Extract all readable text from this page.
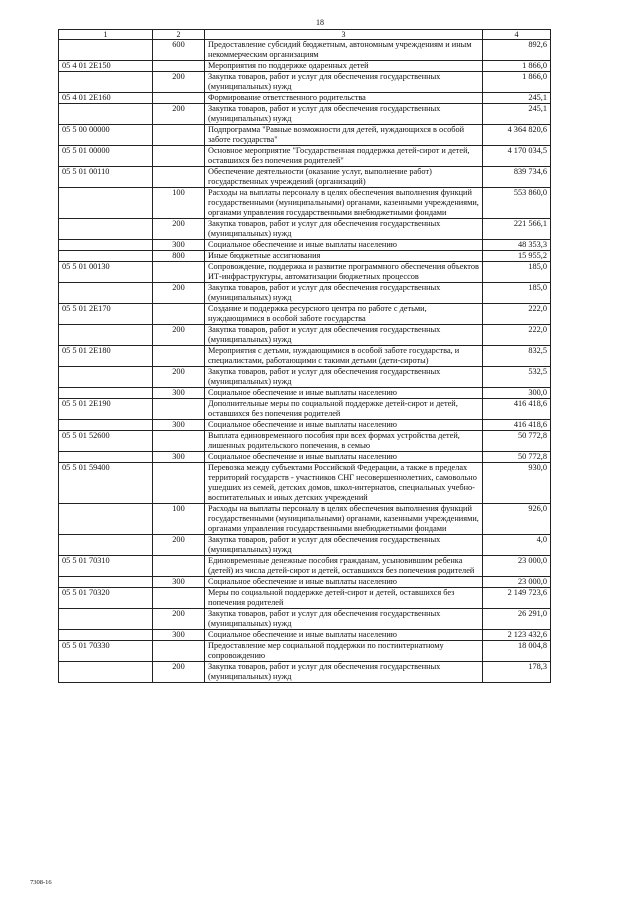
18
1	2	3	4
	600	Предоставление субсидий бюджетным, автономным учреждениям и иным некоммерческим организациям	892,6
05 4 01 2Е150		Мероприятия по поддержке одаренных детей	1 866,0
	200	Закупка товаров, работ и услуг для обеспечения государственных (муниципальных) нужд	1 866,0
05 4 01 2Е160		Формирование ответственного родительства	245,1
	200	Закупка товаров, работ и услуг для обеспечения государственных (муниципальных) нужд	245,1
05 5 00 00000		Подпрограмма "Равные возможности для детей, нуждающихся в особой заботе государства"	4 364 820,6
05 5 01 00000		Основное мероприятие "Государственная поддержка детей-сирот и детей, оставшихся без попечения родителей"	4 170 034,5
05 5 01 00110		Обеспечение деятельности (оказание услуг, выполнение работ) государственных учреждений (организаций)	839 734,6
	100	Расходы на выплаты персоналу в целях обеспечения выполнения функций государственными (муниципальными) органами, казенными учреждениями, органами управления государственными внебюджетными фондами	553 860,0
	200	Закупка товаров, работ и услуг для обеспечения государственных (муниципальных) нужд	221 566,1
	300	Социальное обеспечение и иные выплаты населению	48 353,3
	800	Иные бюджетные ассигнования	15 955,2
05 5 01 00130		Сопровождение, поддержка и развитие программного обеспечения объектов ИТ-инфраструктуры, автоматизации бюджетных процессов	185,0
	200	Закупка товаров, работ и услуг для обеспечения государственных (муниципальных) нужд	185,0
05 5 01 2Е170		Создание и поддержка ресурсного центра по работе с детьми, нуждающимися в особой заботе государства	222,0
	200	Закупка товаров, работ и услуг для обеспечения государственных (муниципальных) нужд	222,0
05 5 01 2Е180		Мероприятия с детьми, нуждающимися в особой заботе государства, и специалистами, работающими с такими детьми (дети-сироты)	832,5
	200	Закупка товаров, работ и услуг для обеспечения государственных (муниципальных) нужд	532,5
	300	Социальное обеспечение и иные выплаты населению	300,0
05 5 01 2Е190		Дополнительные меры по социальной поддержке детей-сирот и детей, оставшихся без попечения родителей	416 418,6
	300	Социальное обеспечение и иные выплаты населению	416 418,6
05 5 01 52600		Выплата единовременного пособия при всех формах устройства детей, лишенных родительского попечения, в семью	50 772,8
	300	Социальное обеспечение и иные выплаты населению	50 772,8
05 5 01 59400		Перевозка между субъектами Российской Федерации, а также в пределах территорий государств - участников СНГ несовершеннолетних, самовольно ушедших из семей, детских домов, школ-интернатов, специальных учебно-воспитательных и иных детских учреждений	930,0
	100	Расходы на выплаты персоналу в целях обеспечения выполнения функций государственными (муниципальными) органами, казенными учреждениями, органами управления государственными внебюджетными фондами	926,0
	200	Закупка товаров, работ и услуг для обеспечения государственных (муниципальных) нужд	4,0
05 5 01 70310		Единовременные денежные пособия гражданам, усыновившим ребенка (детей) из числа детей-сирот и детей, оставшихся без попечения родителей	23 000,0
	300	Социальное обеспечение и иные выплаты населению	23 000,0
05 5 01 70320		Меры по социальной поддержке детей-сирот и детей, оставшихся без попечения родителей	2 149 723,6
	200	Закупка товаров, работ и услуг для обеспечения государственных (муниципальных) нужд	26 291,0
	300	Социальное обеспечение и иные выплаты населению	2 123 432,6
05 5 01 70330		Предоставление мер социальной поддержки по постинтернатному сопровождению	18 004,8
	200	Закупка товаров, работ и услуг для обеспечения государственных (муниципальных) нужд	178,3
7308-16
